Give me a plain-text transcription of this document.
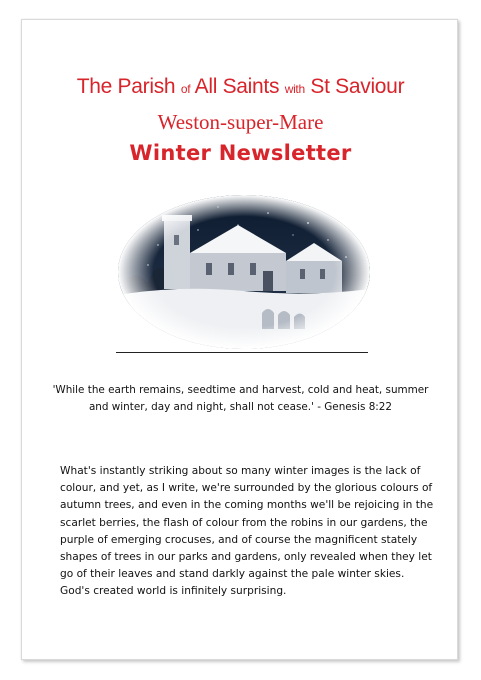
The Parish of All Saints with St Saviour
Weston-super-Mare
Winter Newsletter
'While the earth remains, seedtime and harvest, cold and heat, summer and winter, day and night, shall not cease.' - Genesis 8:22
What's instantly striking about so many winter images is the lack of colour, and yet, as I write, we're surrounded by the glorious colours of autumn trees, and even in the coming months we'll be rejoicing in the scarlet berries, the flash of colour from the robins in our gardens, the purple of emerging crocuses, and of course the magnificent stately shapes of trees in our parks and gardens, only revealed when they let go of their leaves and stand darkly against the pale winter skies. God's created world is infinitely surprising.
